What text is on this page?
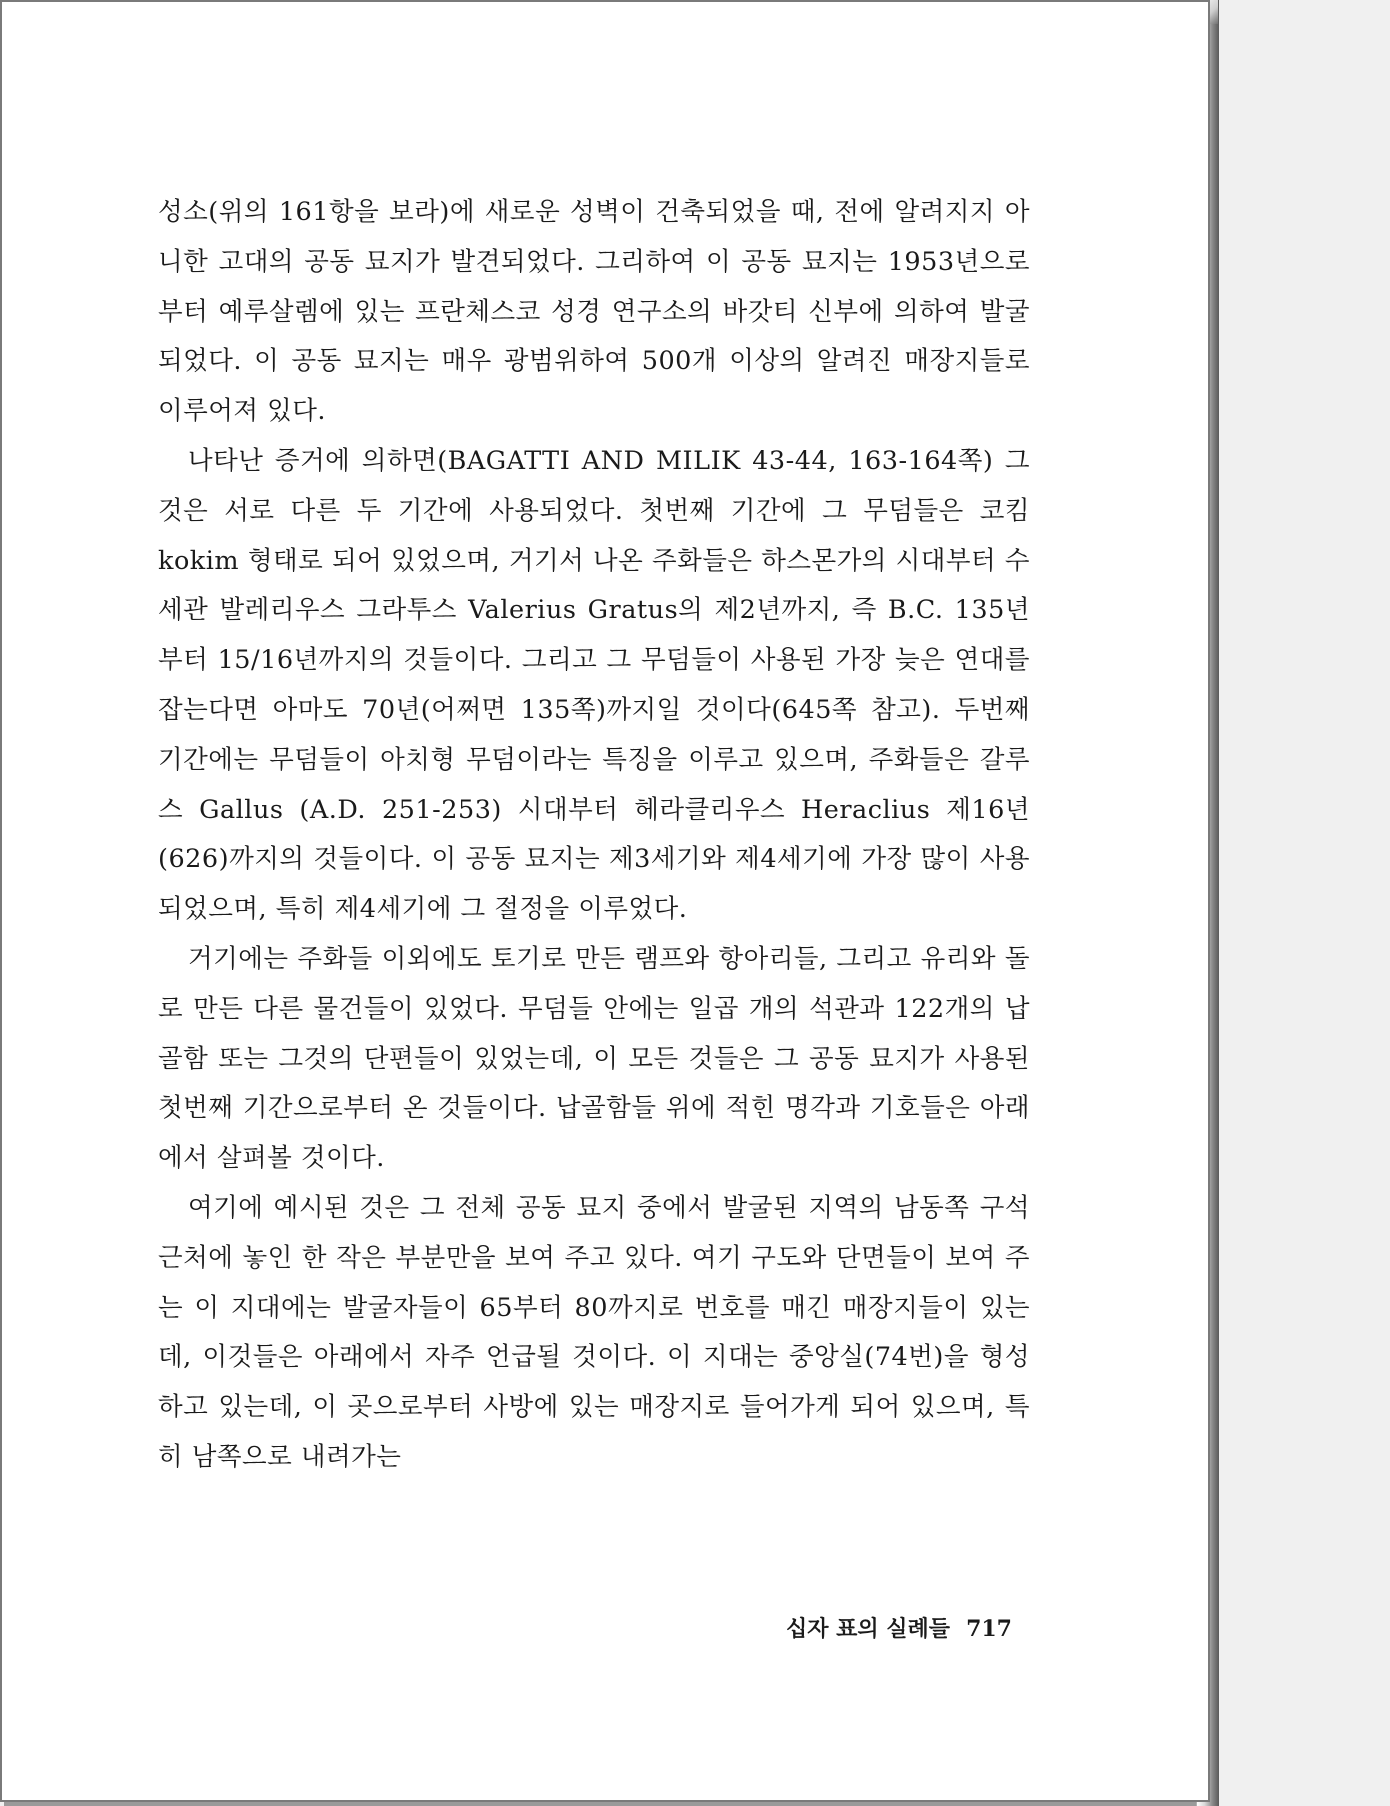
성소(위의 161항을 보라)에 새로운 성벽이 건축되었을 때, 전에 알려지지 아니한 고대의 공동 묘지가 발견되었다. 그리하여 이 공동 묘지는 1953년으로부터 예루살렘에 있는 프란체스코 성경 연구소의 바갓티 신부에 의하여 발굴되었다. 이 공동 묘지는 매우 광범위하여 500개 이상의 알려진 매장지들로 이루어져 있다.

나타난 증거에 의하면(BAGATTI AND MILIK 43-44, 163-164쪽) 그것은 서로 다른 두 기간에 사용되었다. 첫번째 기간에 그 무덤들은 코킴 kokim 형태로 되어 있었으며, 거기서 나온 주화들은 하스몬가의 시대부터 수세관 발레리우스 그라투스 Valerius Gratus의 제2년까지, 즉 B.C. 135년부터 15/16년까지의 것들이다. 그리고 그 무덤들이 사용된 가장 늦은 연대를 잡는다면 아마도 70년(어쩌면 135쪽)까지일 것이다(645쪽 참고). 두번째 기간에는 무덤들이 아치형 무덤이라는 특징을 이루고 있으며, 주화들은 갈루스 Gallus (A.D. 251-253) 시대부터 헤라클리우스 Heraclius 제16년(626)까지의 것들이다. 이 공동 묘지는 제3세기와 제4세기에 가장 많이 사용되었으며, 특히 제4세기에 그 절정을 이루었다.

거기에는 주화들 이외에도 토기로 만든 램프와 항아리들, 그리고 유리와 돌로 만든 다른 물건들이 있었다. 무덤들 안에는 일곱 개의 석관과 122개의 납골함 또는 그것의 단편들이 있었는데, 이 모든 것들은 그 공동 묘지가 사용된 첫번째 기간으로부터 온 것들이다. 납골함들 위에 적힌 명각과 기호들은 아래에서 살펴볼 것이다.

여기에 예시된 것은 그 전체 공동 묘지 중에서 발굴된 지역의 남동쪽 구석 근처에 놓인 한 작은 부분만을 보여 주고 있다. 여기 구도와 단면들이 보여 주는 이 지대에는 발굴자들이 65부터 80까지로 번호를 매긴 매장지들이 있는데, 이것들은 아래에서 자주 언급될 것이다. 이 지대는 중앙실(74번)을 형성하고 있는데, 이 곳으로부터 사방에 있는 매장지로 들어가게 되어 있으며, 특히 남쪽으로 내려가는

십자 표의 실례들 717
